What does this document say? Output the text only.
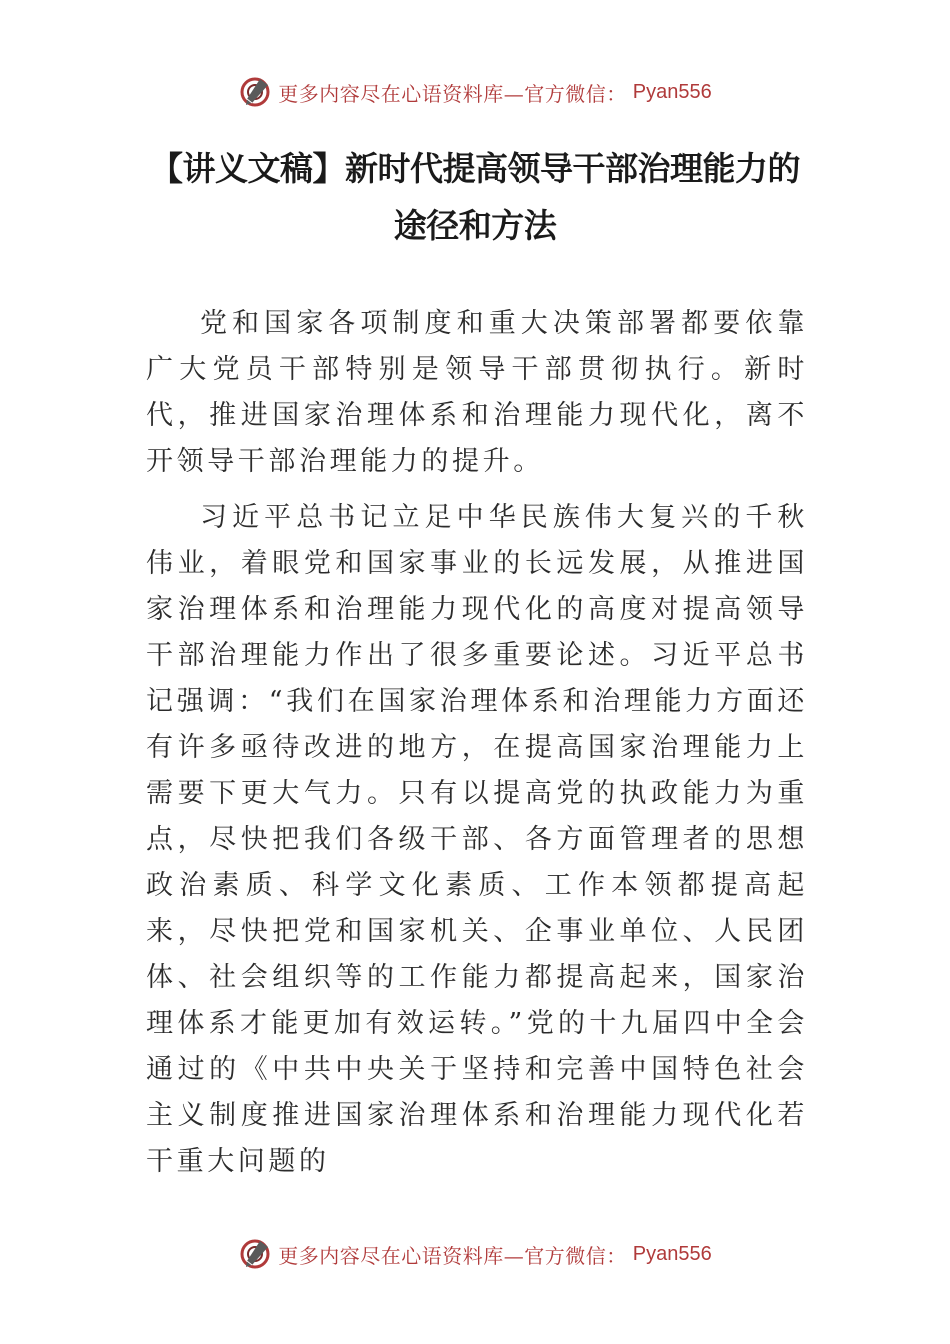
更多内容尽在心语资料库—官方微信： Pyan556
【讲义文稿】新时代提高领导干部治理能力的
途径和方法

党和国家各项制度和重大决策部署都要依靠广大党员干部特别是领导干部贯彻执行。新时代，推进国家治理体系和治理能力现代化，离不开领导干部治理能力的提升。

习近平总书记立足中华民族伟大复兴的千秋伟业，着眼党和国家事业的长远发展，从推进国家治理体系和治理能力现代化的高度对提高领导干部治理能力作出了很多重要论述。习近平总书记强调：“我们在国家治理体系和治理能力方面还有许多亟待改进的地方，在提高国家治理能力上需要下更大气力。只有以提高党的执政能力为重点，尽快把我们各级干部、各方面管理者的思想政治素质、科学文化素质、工作本领都提高起来，尽快把党和国家机关、企事业单位、人民团体、社会组织等的工作能力都提高起来，国家治理体系才能更加有效运转。”党的十九届四中全会通过的《中共中央关于坚持和完善中国特色社会主义制度推进国家治理体系和治理能力现代化若干重大问题的

更多内容尽在心语资料库—官方微信： Pyan556
